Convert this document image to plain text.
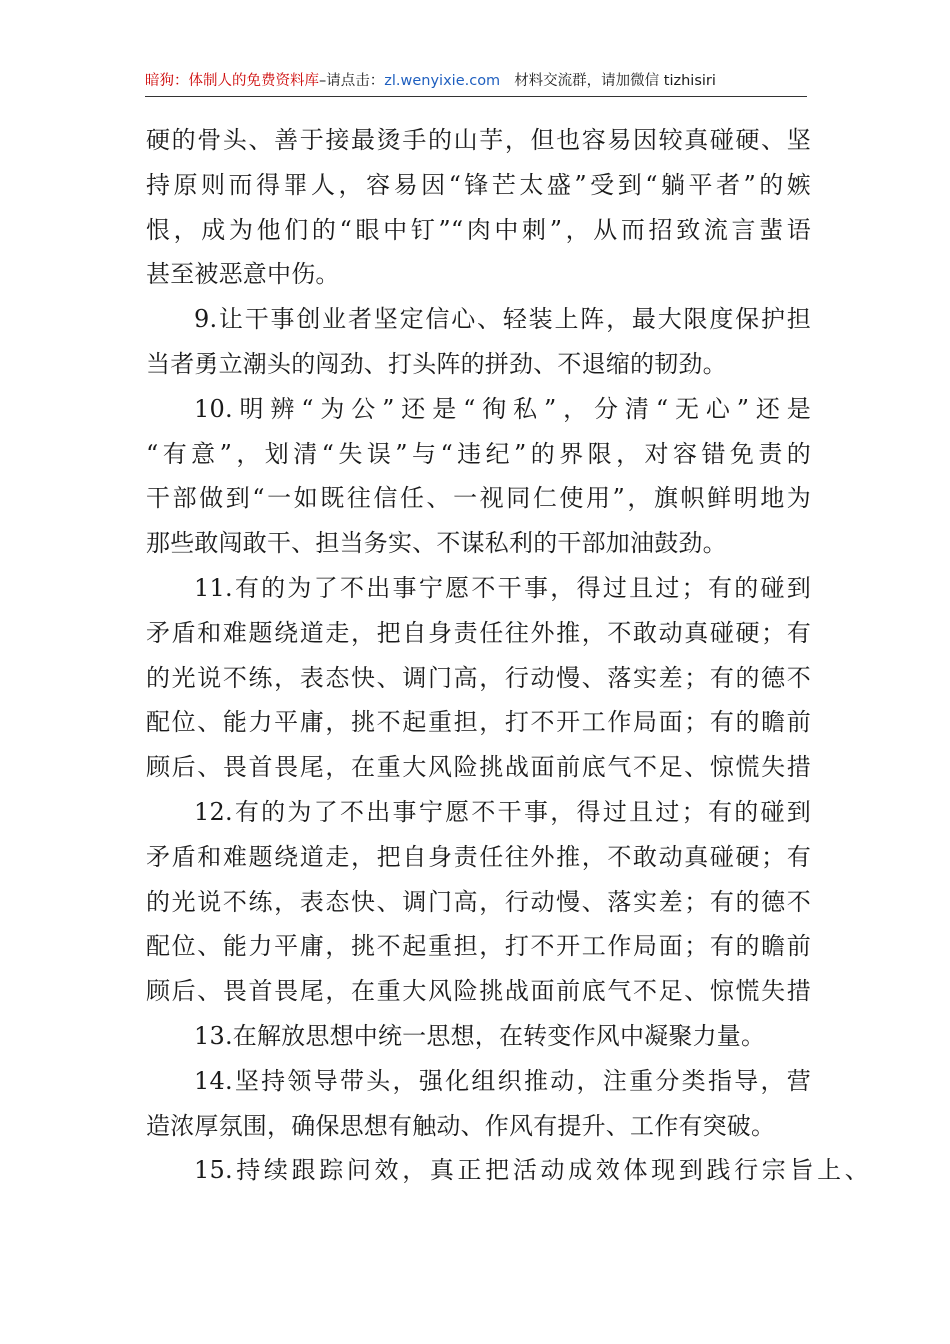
暗狗：体制人的免费资料库–请点击：zl.wenyixie.com 材料交流群，请加微信 tizhisiri
硬的骨头、善于接最烫手的山芋，但也容易因较真碰硬、坚
持原则而得罪人，容易因“锋芒太盛”受到“躺平者”的嫉
恨，成为他们的“眼中钉”“肉中刺”，从而招致流言蜚语
甚至被恶意中伤。
9.让干事创业者坚定信心、轻装上阵，最大限度保护担
当者勇立潮头的闯劲、打头阵的拼劲、不退缩的韧劲。
10.明辨“为公”还是“徇私”，分清“无心”还是
“有意”，划清“失误”与“违纪”的界限，对容错免责的
干部做到“一如既往信任、一视同仁使用”，旗帜鲜明地为
那些敢闯敢干、担当务实、不谋私利的干部加油鼓劲。
11.有的为了不出事宁愿不干事，得过且过；有的碰到
矛盾和难题绕道走，把自身责任往外推，不敢动真碰硬；有
的光说不练，表态快、调门高，行动慢、落实差；有的德不
配位、能力平庸，挑不起重担，打不开工作局面；有的瞻前
顾后、畏首畏尾，在重大风险挑战面前底气不足、惊慌失措
12.有的为了不出事宁愿不干事，得过且过；有的碰到
矛盾和难题绕道走，把自身责任往外推，不敢动真碰硬；有
的光说不练，表态快、调门高，行动慢、落实差；有的德不
配位、能力平庸，挑不起重担，打不开工作局面；有的瞻前
顾后、畏首畏尾，在重大风险挑战面前底气不足、惊慌失措
13.在解放思想中统一思想，在转变作风中凝聚力量。
14.坚持领导带头，强化组织推动，注重分类指导，营
造浓厚氛围，确保思想有触动、作风有提升、工作有突破。
15.持续跟踪问效，真正把活动成效体现到践行宗旨上、
